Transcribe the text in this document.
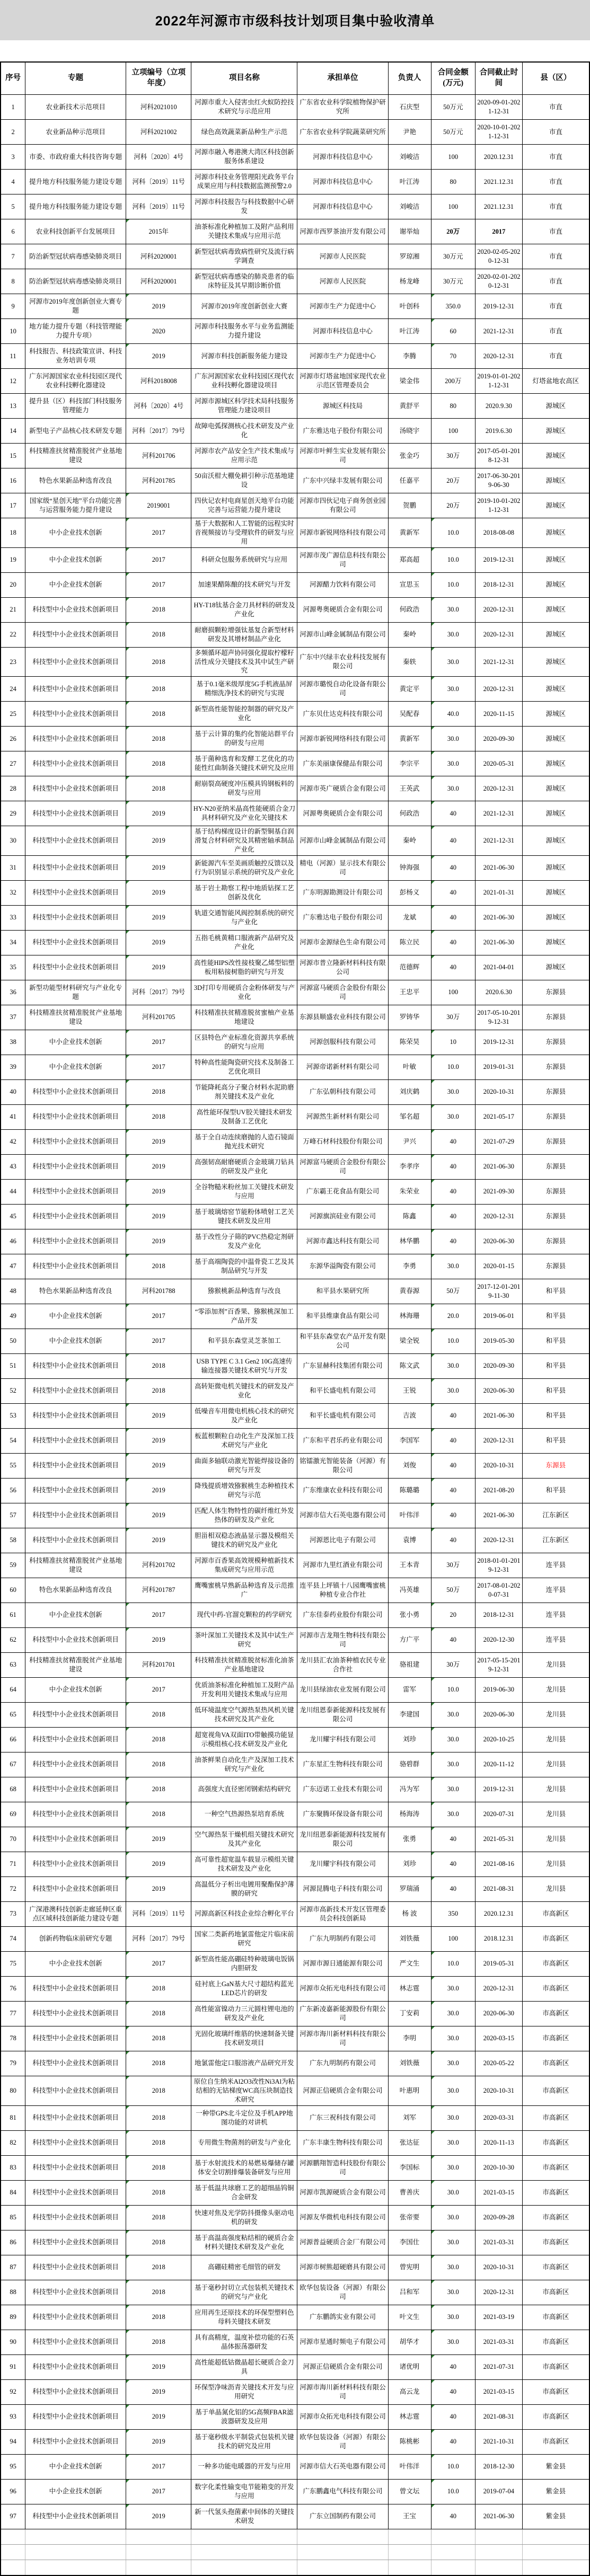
2022年河源市市级科技计划项目集中验收清单
序号	专题	立项编号（立项年度）	项目名称	承担单位	负责人	合同金额(万元)	合同截止时间	县（区）
1	农业新技术示范项目	河科2021010	河源市重大入侵害虫红火蚁防控技术研究与示范应用	广东省农业科学院植物保护研究所	石庆型	50万元	2020-09-01-2021-12-31	市直
2	农业新品种示范项目	河科2021002	绿色高效蔬菜新品种生产示范	广东省农业科学院蔬菜研究所	尹艳	50万元	2020-10-01-2021-12-31	市直
3	市委、市政府重大科技咨询专题	河科〔2020〕4号	河源市融入粤港澳大湾区科技创新服务体系建设	河源市科技信息中心	刘峻洁	100	2020.12.31	市直
4	提升地方科技服务能力建设专题	河科〔2019〕11号	河源市科技业务管理阳光政务平台成果应用与科技数据监测预警2.0	河源市科技信息中心	叶江涛	80	2021.12.31	市直
5	提升地方科技服务能力建设专题	河科〔2019〕11号	河源市科技报告与科技数据中心研发	河源市科技信息中心	刘峻洁	100	2021.12.31	市直
6	农业科技创新平台发展项目	2015年	油茶标准化种植加工及附产品利用关键技术集成与应用示范	河源市西罗茶油开发有限公司	谢举灿	20万	2017	市直
7	防治新型冠状病毒感染肺炎项目	河科2020001	新型冠状病毒致病性研究及流行病学调查	河源市人民医院	罗琼湘	30万元	2020-02-05-2020-12-31	市直
8	防治新型冠状病毒感染肺炎项目	河科2020001	新型冠状病毒感染的肺炎患者的临床特征及其早期诊断价值	河源市人民医院	杨龙峰	30万元	2020-02-01-2020-12-31	市直
9	河源市2019年度创新创业大赛专题	2019	河源市2019年度创新创业大赛	河源市生产力促进中心	叶创科	350.0	2019-12-31	市直
10	地方能力提升专题（科技管理能力提升专项）	2020	河源市科技服务水平与业务监测能力提升建设	河源市科技信息中心	叶江涛	60	2021-12-31	市直
11	科技报告、科技政策宣讲、科技业务培训专项	2019	河源市科技创新服务能力建设	河源市生产力促进中心	李腾	70	2020-12-31	市直
12	广东河源国家农业科技园区现代农业科技孵化器建设	河科2018008	广东河源国家农业科技园区现代农业科技孵化器建设项目	河源市灯塔盆地国家现代农业示范区管理委员会	梁金伟	200万	2019-01-01-2021-12-31	灯塔盆地农高区
13	提升县（区）科技部门科技服务管理能力	河科〔2020〕4号	河源市源城区科学技术局科技服务管理能力建设项目	源城区科技局	黄舒平	80	2020.9.30	源城区
14	新型电子产品核心技术研发专题	河科〔2017〕79号	故障电弧探测核心技术研发及产业化	广东雅达电子股份有限公司	汤晓宇	100	2019.6.30	源城区
15	科技精准扶贫精准脱贫产业基地建设	河科201706	河源市农产品安全生产技术集成与应用示范	河源市叶鲜生实业发展有限公司	张金巧	30万	2017-05-01-2018-12-31	源城区
16	特色水果新品种选育改良	河科201785	50亩沃柑大棚免耕引种示范基地建设	广东中兴绿丰发展有限公司	任嘉平	20万	2017-06-30-2019-06-30	源城区
17	国家级“星创天地”平台功能完善与运营服务能力提升建设	2019001	四伙记农村电商星创天地平台功能完善与运营能力提升建设	河源市四伙记电子商务创业园有限公司	贺鹏	20万	2019-10-01-2021-12-31	源城区
18	中小企业技术创新	2017	基于大数据和人工智能的远程实时音视频接访与受理软件的研发与应用	河源市新锐网络科技有限公司	黄新军	10.0	2018-08-08	源城区
19	中小企业技术创新	2017	科研众包服务系统研究与应用	河源市茂广源信息科技有限公司	郑高超	10.0	2019-12-31	源城区
20	中小企业技术创新	2017	加速果醋陈酿的技术研究与开发	河源醋力饮料有限公司	宣思玉	10.0	2018-12-31	源城区
21	科技型中小企业技术创新项目	2018	HY-T18钛基合金刀具材料的研发及产业化	河源粤奥硬质合金有限公司	何政浩	30.0	2020-12-31	源城区
22	科技型中小企业技术创新项目	2018	耐磨损颗粒增强钛基复合新型材料研发及其增材制品产业化	河源市山峰金属制品有限公司	秦岭	30.0	2020-12-31	源城区
23	科技型中小企业技术创新项目	2018	多频循环超声协同强化提取柠檬籽活性成分关键技术及其中试生产研究	广东中兴绿丰农业科技发展有限公司	秦轶	30.0	2021-12-31	源城区
24	科技型中小企业技术创新项目	2018	基于0.1毫米级厚度5G手机液晶屏精细洗净技术的研究与实现	河源市璐悦自动化设备有限公司	黄定平	30.0	2020-12-31	源城区
25	科技型中小企业技术创新项目	2018	新型高性能智能控制器的研究及产业化	广东贝仕达克科技有限公司	吴配春	40.0	2020-11-15	源城区
26	科技型中小企业技术创新项目	2018	基于云计算的集约化智能站群平台的研发与应用	河源市新锐网络科技有限公司	黄新军	30.0	2020-09-30	源城区
27	科技型中小企业技术创新项目	2018	基于菌种选育和发酵工艺优化的功能性红曲制备关键技术研究及应用	广东美丽康保健品有限公司	李宗平	30.0	2020-05-31	源城区
28	科技型中小企业技术创新项目	2018	耐崩裂高硬度冲压模具钨钢板料的研发与应用	河源市英广硬质合金有限公司	王英武	30.0	2020-12-31	源城区
29	科技型中小企业技术创新项目	2019	HY-N20亚纳米晶高性能硬质合金刀具材料研究及产业化关键技术	河源粤奥硬质合金有限公司	何政浩	40	2021-12-31	源城区
30	科技型中小企业技术创新项目	2019	基于结构梯度设计的新型铜基自润滑复合材料研究及其精密轴承制品产业化	河源市山峰金属制品有限公司	秦岭	40	2021-12-31	源城区
31	科技型中小企业技术创新项目	2019	新能源汽车至美画质触控反馈以及行为识别显示系统的研究及产业化	精电（河源）显示技术有限公司	钟海强	40	2021-06-30	源城区
32	科技型中小企业技术创新项目	2019	基于岩土勘察工程中地质钻探工艺创新及优化	广东明源勘测设计有限公司	彭杨义	40	2021-01-31	源城区
33	科技型中小企业技术创新项目	2019	轨道交通智能风阀控制系统的研究与产业化	广东雅达电子股份有限公司	龙斌	40	2021-06-30	源城区
34	科技型中小企业技术创新项目	2019	五指毛桃黄精口服液新产品研究及产业化	河源市金源绿色生命有限公司	陈立民	40	2021-06-30	源城区
35	科技型中小企业技术创新项目	2019	高性能HIPS改性接枝聚乙烯型铝塑板用粘接树脂的研究与开发	河源市普立隆新材料科技有限公司	范德辉	40	2021-04-01	源城区
36	新型功能型材料研究与产业化专题	河科〔2017〕79号	3D打印专用硬质合金粉体研发与产业化	河源富马硬质合金股份有限公司	王忠平	100	2020.6.30	东源县
37	科技精准扶贫精准脱贫产业基地建设	河科201705	科技精准扶贫精准脱贫蜜柚产业基地建设	东源县顺盛农业科技有限公司	罗铸华	30万	2017-05-10-2019-12-31	东源县
38	中小企业技术创新	2017	区县特色产业标准化资源共享系统 的研究与应用	河源创服科技有限公司	陈荣昊	10	2019-12-31	东源县
39	中小企业技术创新	2017	特种高性能陶瓷研究技术及制备工艺优化项目	河源帝诺新材料有限公司	叶敏	10.0	2019-01-31	东源县
40	科技型中小企业技术创新项目	2018	节能降耗高分子聚合材料水泥助磨剂关键技术及产业化	广东弘朝科技有限公司	刘庆鹤	30.0	2020-10-31	东源县
41	科技型中小企业技术创新项目	2018	高性能环保型UV胶关键技术研发及制备工艺优化	河源然生新材料有限公司	邹名超	30.0	2021-05-17	东源县
42	科技型中小企业技术创新项目	2019	基于全自动连续磨抛的人造石镜面抛光技术研究	万峰石材科技股份有限公司	尹兴	40	2021-07-29	东源县
43	科技型中小企业技术创新项目	2019	高强韧高耐磨硬质合金玻璃刀钻具的研发及产业化	河源富马硬质合金股份有限公司	李孝序	40	2021-06-30	东源县
44	科技型中小企业技术创新项目	2019	全谷物糙米粉丝加工关键技术研发与应用	广东霸王花食品有限公司	朱荣业	40	2021-09-30	东源县
45	科技型中小企业技术创新项目	2019	基于玻璃熔窑节能粉体喷射工艺关键技术研发及应用	河源旗滨硅业有限公司	陈鑫	40	2020-12-31	东源县
46	科技型中小企业技术创新项目	2019	基于改性分子筛的PVC热稳定剂研发及产业化	河源市鑫达科技有限公司	林华鹏	40	2020-06-30	东源县
47	科技型中小企业技术创新项目	2018	基于高端陶瓷的中温骨瓷工艺及其制品研究与开发	东源华溢陶瓷有限公司	李勇	30.0	2020-01-15	东源县
48	特色水果新品种选育改良	河科201788	猕猴桃新品种选育与改良	和平县水果研究所	黄春源	50万	2017-12-01-2019-11-30	和平县
49	中小企业技术创新	2017	“零添加剂”百香果、猕猴桃深加工产品开发	和平县维康食品有限公司	林海珊	20.0	2019-06-01	和平县
50	中小企业技术创新	2017	和平县东森堂灵芝茶加工	和平县东森堂农产品开发有限公司	梁全锐	10.0	2019-05-30	和平县
51	科技型中小企业技术创新项目	2018	USB TYPE C 3.1 Gen2 10G高速传输连接器关键技术研究与开发	广东显赫科技集团有限公司	陈文武	30.0	2020-09-30	和平县
52	科技型中小企业技术创新项目	2018	高转矩微电机关键技术的研发及产业化	和平长盛电机有限公司	王锐	30.0	2020-06-30	和平县
53	科技型中小企业技术创新项目	2019	低噪音车用微电机核心技术的研究及产业化	和平长盛电机有限公司	吉波	40	2021-06-30	和平县
54	科技型中小企业技术创新项目	2019	板蓝根颗粒自动化生产及深加工技术研究与产业化	广东和平君乐药业有限公司	李国军	40	2020-12-31	和平县
55	科技型中小企业技术创新项目	2019	曲面多轴联动激光智能焊接设备的研究与开发	铭镭激光智能装备（河源）有限公司	刘俊	40	2020-10-31	东源县
56	科技型中小企业技术创新项目	2019	降残提质增效猕猴桃生态种植技术研究与示范	广东维康农业科技有限公司	陈璐璐	40	2021-08-20	和平县
57	科技型中小企业技术创新项目	2019	匹配人体生物特性的碳纤维红外发热体的研发及产业化	河源市信大石英电器有限公司	叶伟洋	40	2021-06-30	江东新区
58	科技型中小企业技术创新项目	2019	胆甾相双稳态液晶显示器及模组关键技术的研究及产业化	河源恩比电子有限公司	袁博	40	2020-12-31	江东新区
59	科技精准扶贫精准脱贫产业基地建设	河科201702	河源市百香果高效规模种植新技术集成研究与应用示范	河源市九里红酒业有限公司	王本青	30万	2018-01-01-2019-12-31	连平县
60	特色水果新品种选育改良	河科201787	鹰嘴蜜桃早熟新品种选育及示范推广	连平县上坪镇十八园鹰嘴蜜桃种植专业合作社	冯英雄	50万	2017-08-01-2020-07-31	连平县
61	中小企业技术创新	2017	现代中药-官溜克颗粒的药学研究	广东佳泰药业股份有限公司	张小勇	20	2018-12-31	连平县
62	科技型中小企业技术创新项目	2019	茶叶深加工关键技术及其中试生产研究	河源市吉龙翔生物科技有限公司	方广平	40	2020-12-30	连平县
63	科技精准扶贫精准脱贫产业基地建设	河科201701	科技精准扶贫精准脱贫标准化油茶产业基地建设	龙川县汇农油茶种植农民专业合作社	骆祖建	30万	2017-05-15-2019-12-31	龙川县
64	中小企业技术创新	2017	优质油茶标准化种植加工及附产品开发利用关键技术集成与应用	龙川县绿油农业发展有限公司	雷军	10.0	2019-06-30	龙川县
65	科技型中小企业技术创新项目	2018	低环境温度空气源热泵热风机关键技术研究及其产业化	龙川纽恩泰新能源科技发展有限公司	李建国	30.0	2020-06-30	龙川县
66	科技型中小企业技术创新项目	2018	超宽视角VA双面ITO带触摸功能显示模组核心技术研发及产业化	龙川耀宇科技有限公司	刘珍	30.0	2020-10-25	龙川县
67	科技型中小企业技术创新项目	2018	油茶鲜果自动化生产及深加工技术研究与产业化	广东星汇生物科技有限公司	骆碧群	30.0	2020-11-12	龙川县
68	科技型中小企业技术创新项目	2018	高强度大直径密闭钢索结构研究	广东迈诺工业技术有限公司	冯为军	30.0	2019-12-31	龙川县
69	科技型中小企业技术创新项目	2018	一种空气热源热泵培育系统	广东聚腾环保设备有限公司	杨海涛	30.0	2020-07-31	龙川县
70	科技型中小企业技术创新项目	2019	空气源热泵干燥机组关键技术研究及其产业化	龙川纽恩泰新能源科技发展有限公司	张勇	40	2021-05-31	龙川县
71	科技型中小企业技术创新项目	2019	高可靠性超宽温车载显示模组关键技术研发及产业化	龙川耀宇科技有限公司	刘珍	40	2021-08-16	龙川县
72	科技型中小企业技术创新项目	2019	高温低分子析出电镀用聚酯保护薄膜的研究	河源昆腾电子科技有限公司	罗瑞涌	40	2021-08-31	龙川县
73	广深港澳科技创新走廊延伸区重点区域科技创新能力建设专题	河科〔2019〕11号	河源高新区科技企业综合孵化平台	河源市高新技术开发区管理委员会科技创新局	杨 波	350	2020.12.31	市高新区
74	创新药物临床前研究专题	河科〔2017〕79号	国家二类新药地氯雷他定片临床前研究	广东九明制药有限公司	刘铁薇	100	2018.12.31	市高新区
75	中小企业技术创新	2017	新型高性能高硼硅特种玻璃电饭锅内胆研发	河源市源日通能源有限公司	严文生	10.0	2019-05-31	市高新区
76	科技型中小企业技术创新项目	2018	硅衬底上GaN基大尺寸超结构蓝光LED芯片的研发	河源市众拓光电科技有限公司	林志霆	30.0	2020-12-31	市高新区
77	科技型中小企业技术创新项目	2018	高性能富镍动力三元圆柱锂电池的研发及产业化	广东新凌嘉新能源股份有限公司	丁安莉	30.0	2020-06-30	市高新区
78	科技型中小企业技术创新项目	2018	光固化玻璃纤维筋的快速制备关键技术研发项目	河源市海川新材料科技有限公司	李明	30.0	2020-03-15	市高新区
79	科技型中小企业技术创新项目	2018	地氯雷他定口服溶液产品研究开发	广东九明制药有限公司	刘铁薇	30.0	2020-05-22	市高新区
80	科技型中小企业技术创新项目	2018	原位自生纳米Al2O3改性Ni3Al为粘结相的无钴梯度WC高压块制造技术研究	河源正信硬质合金有限公司	叶惠明	30.0	2020-10-31	市高新区
81	科技型中小企业技术创新项目	2018	一种带GPS北斗定位及手机APP地图功能的对讲机	广东三祝科技有限公司	刘军	30.0	2020-03-31	市高新区
82	科技型中小企业技术创新项目	2018	专用微生物菌剂的研发与产业化	广东丰康生物科技有限公司	张达征	30.0	2020-11-13	市高新区
83	科技型中小企业技术创新项目	2018	基于水射流技术的易燃易爆储存罐体安全切割排爆装备研发与应用	河源鹏翔智造科技股份有限公司	李国标	30.0	2020-10-30	市高新区
84	科技型中小企业技术创新项目	2018	基于低温共球磨工艺的超细晶钨铜合金研发	河源市凯源硬质合金有限公司	曹善庆	30.0	2021-03-15	市高新区
85	科技型中小企业技术创新项目	2018	快速对焦及光学防抖摄像头驱动电机的研发	河源友华微机电科技有限公司	张帝要	30.0	2020-09-28	市高新区
86	科技型中小企业技术创新项目	2018	基于高温高强度粘结相的硬质合金材料关键技术研发及产业化	河源普益硬质合金厂有限公司	李国仕	30.0	2021-03-31	市高新区
87	科技型中小企业技术创新项目	2018	高硼硅精密毛细管的研发	河源市树熊超硬磨具有限公司	曾宪明	30.0	2020-10-31	市高新区
88	科技型中小企业技术创新项目	2018	基于毫秒封切立式包装机关键技术的研究与产业化	欧华包装设备（河源）有限公司	吕和军	30.0	2020-12-31	市高新区
89	科技型中小企业技术创新项目	2018	应用再生还原技术的环保型塑料色母料关键技术研发	广东鹏鸽实业有限公司	叶文生	30.0	2021-03-19	市高新区
90	科技型中小企业技术创新项目	2018	具有高精度，温度补偿功能的石英晶体振荡器研发	河源市星通时频电子有限公司	胡华才	30.0	2021-03-31	市高新区
91	科技型中小企业技术创新项目	2019	高性能超低钴微晶超长硬质合金刀具	河源正信硬质合金有限公司	诸优明	40	2021-07-31	市高新区
92	科技型中小企业技术创新项目	2019	环保型净味沥青关键技术开发与应用研究	河源市海川新材料科技有限公司	高云龙	40	2021-03-15	市高新区
93	科技型中小企业技术创新项目	2019	基于单晶氮化铝的5G高频FBAR滤波器研发及应用	河源市众拓光电科技有限公司	林志霆	40	2021-08-31	市高新区
94	科技型中小企业技术创新项目	2019	基于毫秒级水平制袋式包装机关键技术的研究及应用	欧华包装设备（河源）有限公司	陈桃彬	40	2021-10-31	市高新区
95	中小企业技术创新	2017	一种多功能电暖器的开发与应用	河源市信大石英电器有限公司	叶伟洋	10.0	2018-12-30	紫金县
96	中小企业技术创新	2017	数字化柔性输变电节能箱变的开发与应用	广东鹏鑫电气科技有限公司	曾文坛	10.0	2019-07-04	紫金县
97	科技型中小企业技术创新项目	2019	新一代氢头孢菌素中间体的关键技术研发	广东立国制药有限公司	王宝	40	2021-06-30	紫金县
